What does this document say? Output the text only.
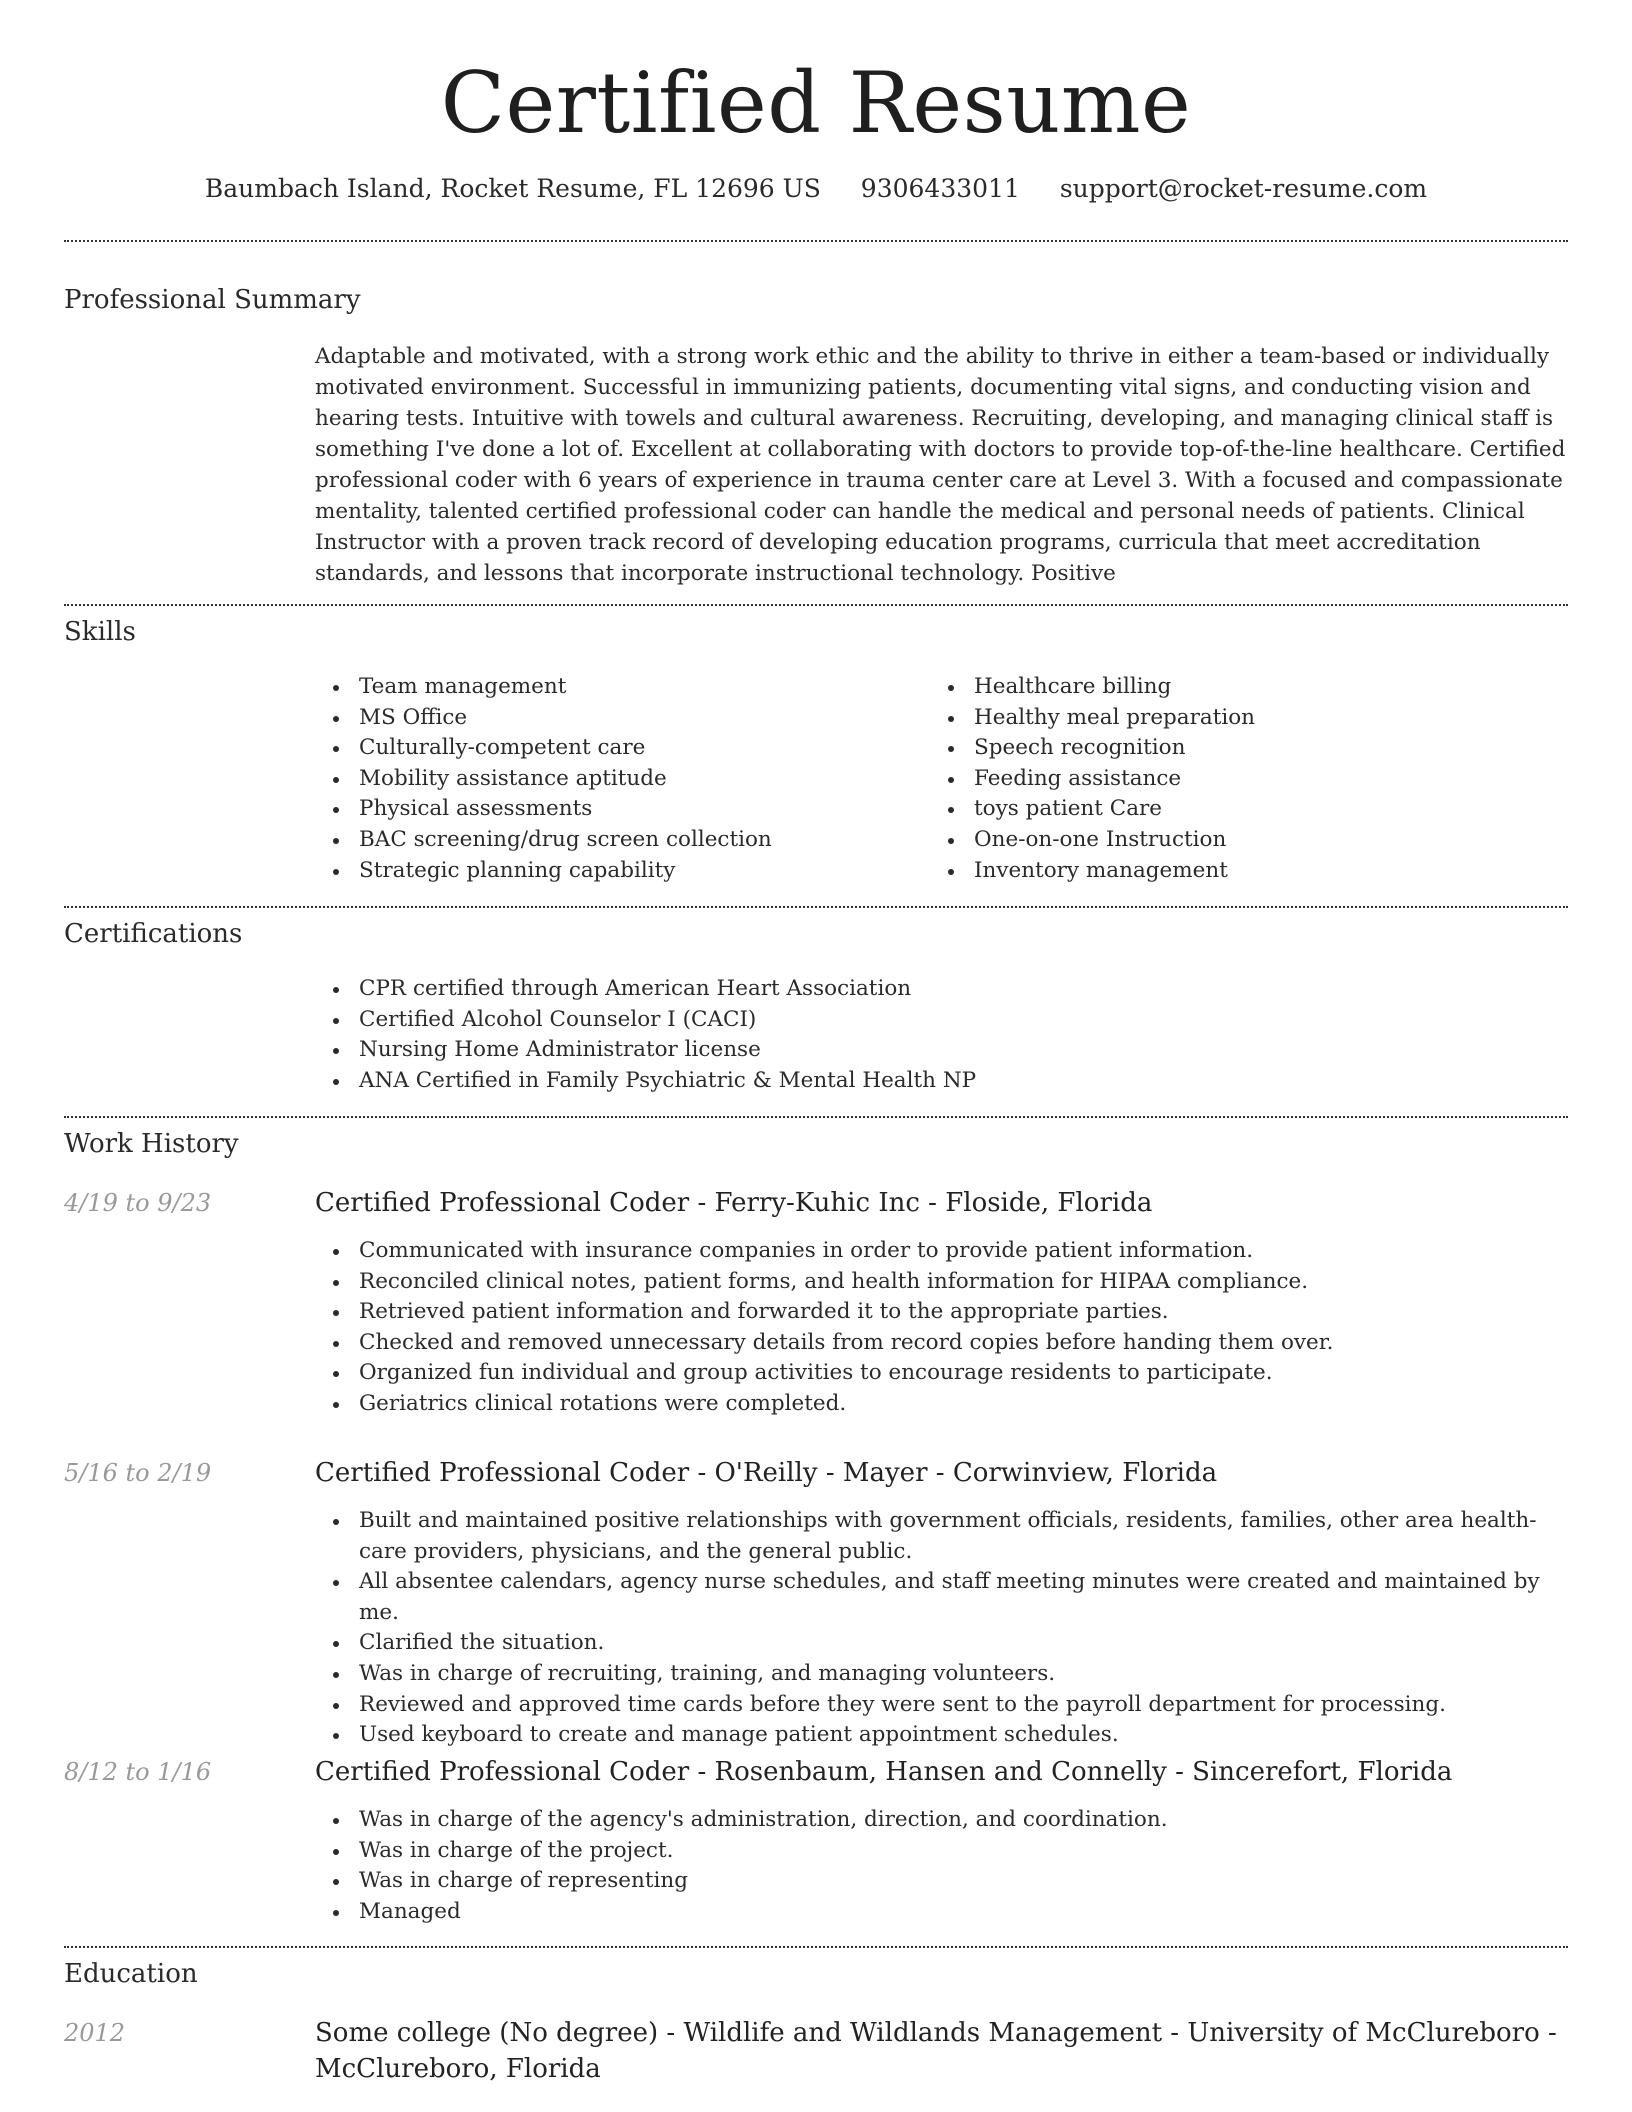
Certified Resume
Baumbach Island, Rocket Resume, FL 12696 US 9306433011 support@rocket-resume.com
Professional Summary
Adaptable and motivated, with a strong work ethic and the ability to thrive in either a team-based or individually motivated environment. Successful in immunizing patients, documenting vital signs, and conducting vision and hearing tests. Intuitive with towels and cultural awareness. Recruiting, developing, and managing clinical staff is something I've done a lot of. Excellent at collaborating with doctors to provide top-of-the-line healthcare. Certified professional coder with 6 years of experience in trauma center care at Level 3. With a focused and compassionate mentality, talented certified professional coder can handle the medical and personal needs of patients. Clinical Instructor with a proven track record of developing education programs, curricula that meet accreditation standards, and lessons that incorporate instructional technology. Positive
Skills
Team management
MS Office
Culturally-competent care
Mobility assistance aptitude
Physical assessments
BAC screening/drug screen collection
Strategic planning capability
Healthcare billing
Healthy meal preparation
Speech recognition
Feeding assistance
toys patient Care
One-on-one Instruction
Inventory management
Certifications
CPR certified through American Heart Association
Certified Alcohol Counselor I (CACI)
Nursing Home Administrator license
ANA Certified in Family Psychiatric & Mental Health NP
Work History
4/19 to 9/23	Certified Professional Coder - Ferry-Kuhic Inc - Floside, Florida
Communicated with insurance companies in order to provide patient information.
Reconciled clinical notes, patient forms, and health information for HIPAA compliance.
Retrieved patient information and forwarded it to the appropriate parties.
Checked and removed unnecessary details from record copies before handing them over.
Organized fun individual and group activities to encourage residents to participate.
Geriatrics clinical rotations were completed.
5/16 to 2/19	Certified Professional Coder - O'Reilly - Mayer - Corwinview, Florida
Built and maintained positive relationships with government officials, residents, families, other area health-care providers, physicians, and the general public.
All absentee calendars, agency nurse schedules, and staff meeting minutes were created and maintained by me.
Clarified the situation.
Was in charge of recruiting, training, and managing volunteers.
Reviewed and approved time cards before they were sent to the payroll department for processing.
Used keyboard to create and manage patient appointment schedules.
8/12 to 1/16	Certified Professional Coder - Rosenbaum, Hansen and Connelly - Sincerefort, Florida
Was in charge of the agency's administration, direction, and coordination.
Was in charge of the project.
Was in charge of representing
Managed
Education
2012	Some college (No degree) - Wildlife and Wildlands Management - University of McClureboro - McClureboro, Florida
